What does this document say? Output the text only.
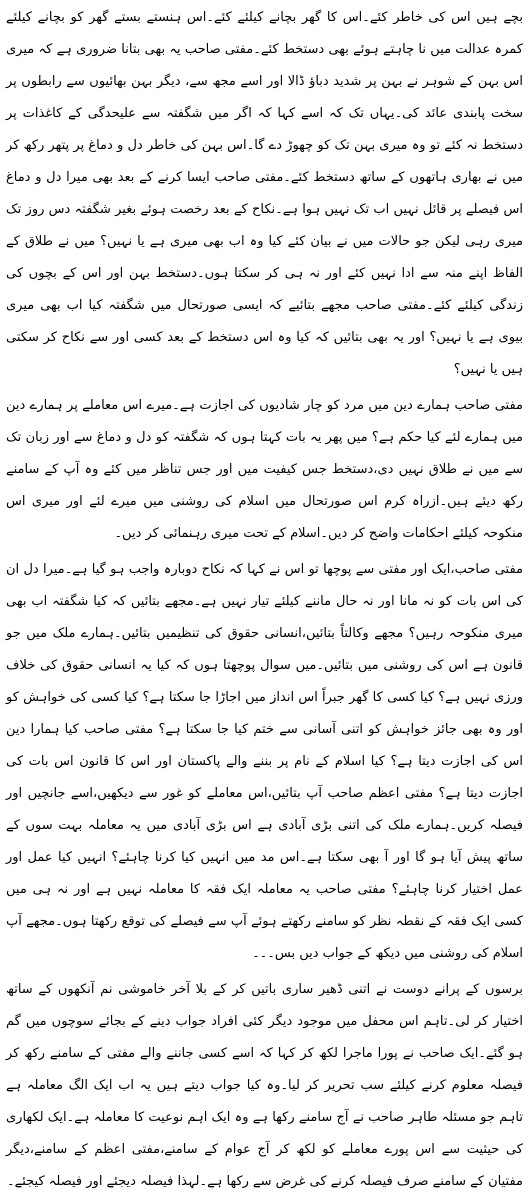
بچے ہیں اس کی خاطر کئے۔اس کا گھر بچانے کیلئے کئے۔اس ہنستے بستے گھر کو بچانے کیلئے کمرہ عدالت میں نا چاہتے ہوئے بھی دستخط کئے۔مفتی صاحب یہ بھی بتانا ضروری ہے کہ میری اس بہن کے شوہر نے بہن پر شدید دباؤ ڈالا اور اسے مجھ سے، دیگر بہن بھائیوں سے رابطوں پر سخت پابندی عائد کی۔یہاں تک کہ اسے کہا کہ اگر میں شگفتہ سے علیحدگی کے کاغذات پر دستخط نہ کئے تو وہ میری بہن تک کو چھوڑ دے گا۔اس بہن کی خاطر دل و دماغ پر پتھر رکھ کر میں نے بھاری ہاتھوں کے ساتھ دستخط کئے۔مفتی صاحب ایسا کرنے کے بعد بھی میرا دل و دماغ اس فیصلے پر قائل نہیں اب تک نہیں ہوا ہے۔نکاح کے بعد رخصت ہوئے بغیر شگفتہ دس روز تک میری رہی لیکن جو حالات میں نے بیان کئے کیا وہ اب بھی میری ہے یا نہیں؟ میں نے طلاق کے الفاظ اپنے منہ سے ادا نہیں کئے اور نہ ہی کر سکتا ہوں۔دستخط بہن اور اس کے بچوں کی زندگی کیلئے کئے۔مفتی صاحب مجھے بتائیے کہ ایسی صورتحال میں شگفتہ کیا اب بھی میری بیوی ہے یا نہیں؟ اور یہ بھی بتائیں کہ کیا وہ اس دستخط کے بعد کسی اور سے نکاح کر سکتی ہیں یا نہیں؟

مفتی صاحب ہمارے دین میں مرد کو چار شادیوں کی اجازت ہے۔میرے اس معاملے پر ہمارے دین میں ہمارے لئے کیا حکم ہے؟ میں پھر یہ بات کہتا ہوں کہ شگفتہ کو دل و دماغ سے اور زبان تک سے میں نے طلاق نہیں دی،دستخط جس کیفیت میں اور جس تناظر میں کئے وہ آپ کے سامنے رکھ دیئے ہیں۔ازراہ کرم اس صورتحال میں اسلام کی روشنی میں میرے لئے اور میری اس منکوحہ کیلئے احکامات واضح کر دیں۔اسلام کے تحت میری رہنمائی کر دیں۔

مفتی صاحب،ایک اور مفتی سے پوچھا تو اس نے کہا کہ نکاح دوبارہ واجب ہو گیا ہے۔میرا دل ان کی اس بات کو نہ مانا اور نہ حال ماننے کیلئے تیار نہیں ہے۔مجھے بتائیں کہ کیا شگفتہ اب بھی میری منکوحہ رہیں؟ مجھے وکالتاً بتائیں،انسانی حقوق کی تنظیمیں بتائیں۔ہمارے ملک میں جو قانون ہے اس کی روشنی میں بتائیں۔میں سوال پوچھتا ہوں کہ کیا یہ انسانی حقوق کی خلاف ورزی نہیں ہے؟ کیا کسی کا گھر جبراً اس انداز میں اجاڑا جا سکتا ہے؟ کیا کسی کی خواہش کو اور وہ بھی جائز خواہش کو اتنی آسانی سے ختم کیا جا سکتا ہے؟ مفتی صاحب کیا ہمارا دین اس کی اجازت دیتا ہے؟ کیا اسلام کے نام پر بننے والے پاکستان اور اس کا قانون اس بات کی اجازت دیتا ہے؟ مفتی اعظم صاحب آپ بتائیں،اس معاملے کو غور سے دیکھیں،اسے جانچیں اور فیصلہ کریں۔ہمارے ملک کی اتنی بڑی آبادی ہے اس بڑی آبادی میں یہ معاملہ بہت سوں کے ساتھ پیش آیا ہو گا اور آ بھی سکتا ہے۔اس مد میں انہیں کیا کرنا چاہئے؟ انہیں کیا عمل اور عمل اختیار کرنا چاہئے؟ مفتی صاحب یہ معاملہ ایک فقہ کا معاملہ نہیں ہے اور نہ ہی میں کسی ایک فقہ کے نقطہ نظر کو سامنے رکھتے ہوئے آپ سے فیصلے کی توقع رکھتا ہوں۔مجھے آپ اسلام کی روشنی میں دیکھ کے جواب دیں بس۔۔۔

برسوں کے پرانے دوست نے اتنی ڈھیر ساری باتیں کر کے بلا آخر خاموشی نم آنکھوں کے ساتھ اختیار کر لی۔تاہم اس محفل میں موجود دیگر کئی افراد جواب دینے کے بجائے سوچوں میں گم ہو گئے۔ایک صاحب نے پورا ماجرا لکھ کر کہا کہ اسے کسی جاننے والے مفتی کے سامنے رکھ کر فیصلہ معلوم کرنے کیلئے سب تحریر کر لیا۔وہ کیا جواب دیتے ہیں یہ اب ایک الگ معاملہ ہے تاہم جو مسئلہ طاہر صاحب نے آج سامنے رکھا ہے وہ ایک اہم نوعیت کا معاملہ ہے۔ایک لکھاری کی حیثیت سے اس پورے معاملے کو لکھ کر آج عوام کے سامنے،مفتی اعظم کے سامنے،دیگر مفتیان کے سامنے صرف فیصلہ کرنے کی غرض سے رکھا ہے۔لہذا فیصلہ دیجئے اور فیصلہ کیجئے۔
